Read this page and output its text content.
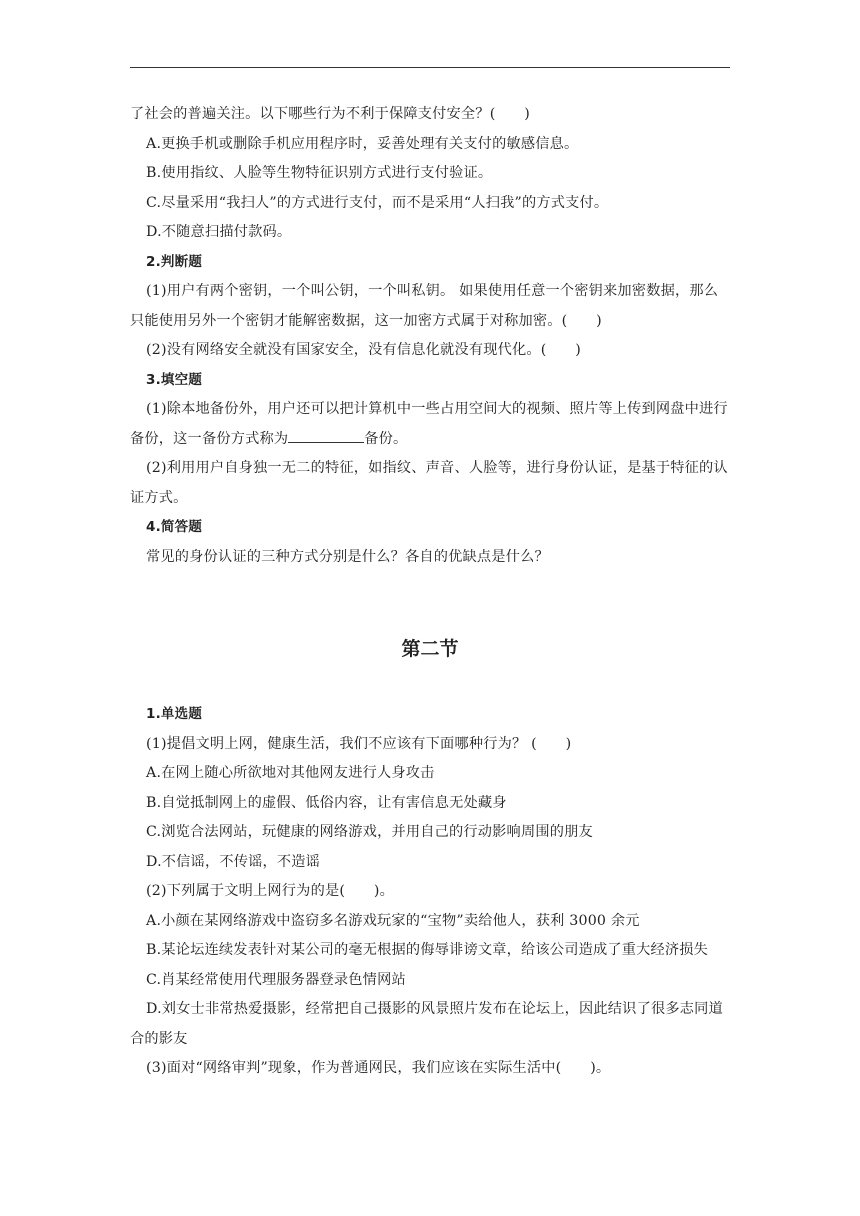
了社会的普遍关注。以下哪些行为不利于保障支付安全？(　　)

A.更换手机或删除手机应用程序时，妥善处理有关支付的敏感信息。

B.使用指纹、人脸等生物特征识别方式进行支付验证。

C.尽量采用“我扫人”的方式进行支付，而不是采用“人扫我”的方式支付。

D.不随意扫描付款码。

2.判断题

(1)用户有两个密钥，一个叫公钥，一个叫私钥。 如果使用任意一个密钥来加密数据，那么只能使用另外一个密钥才能解密数据，这一加密方式属于对称加密。(　　)

(2)没有网络安全就没有国家安全，没有信息化就没有现代化。(　　)

3.填空题

(1)除本地备份外，用户还可以把计算机中一些占用空间大的视频、照片等上传到网盘中进行备份，这一备份方式称为	备份。

(2)利用用户自身独一无二的特征，如指纹、声音、人脸等，进行身份认证，是基于特征的认证方式。

4.简答题

常见的身份认证的三种方式分别是什么？各自的优缺点是什么？

第二节

1.单选题

(1)提倡文明上网，健康生活，我们不应该有下面哪种行为？ (　　)

A.在网上随心所欲地对其他网友进行人身攻击

B.自觉抵制网上的虚假、低俗内容，让有害信息无处藏身

C.浏览合法网站，玩健康的网络游戏，并用自己的行动影响周围的朋友

D.不信谣，不传谣，不造谣

(2)下列属于文明上网行为的是(　　)。

A.小颜在某网络游戏中盗窃多名游戏玩家的“宝物”卖给他人，获利 3000 余元

B.某论坛连续发表针对某公司的毫无根据的侮辱诽谤文章，给该公司造成了重大经济损失

C.肖某经常使用代理服务器登录色情网站

D.刘女士非常热爱摄影，经常把自己摄影的风景照片发布在论坛上，因此结识了很多志同道合的影友

(3)面对“网络审判”现象，作为普通网民，我们应该在实际生活中(　　)。
